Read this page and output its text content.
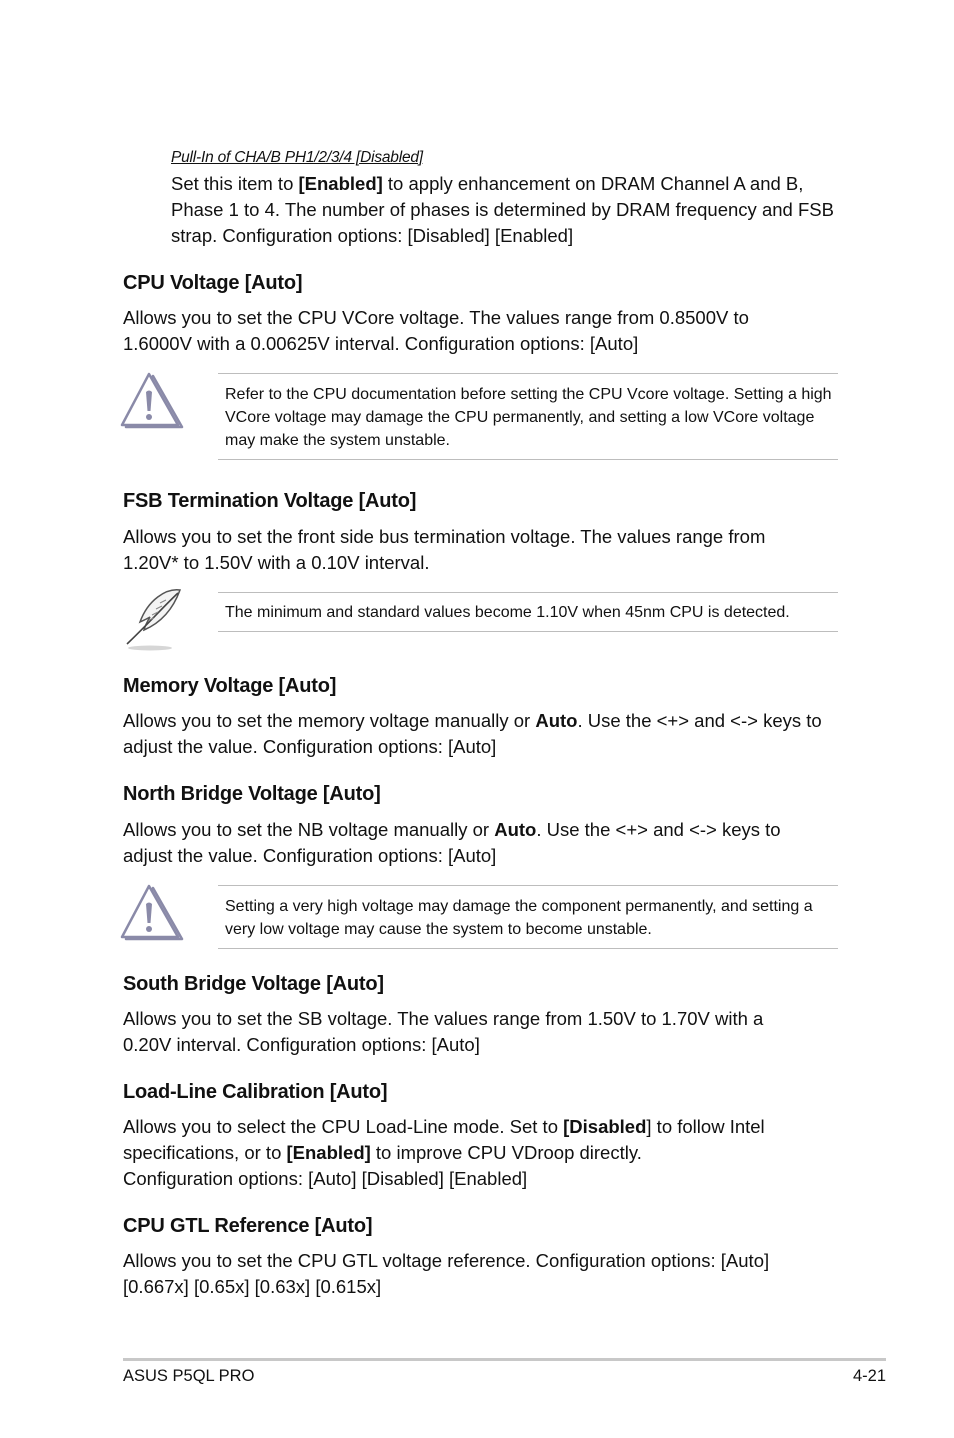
Pull-In of CHA/B PH1/2/3/4 [Disabled]
Set this item to [Enabled] to apply enhancement on DRAM Channel A and B, Phase 1 to 4. The number of phases is determined by DRAM frequency and FSB strap. Configuration options: [Disabled] [Enabled]
CPU Voltage [Auto]
Allows you to set the CPU VCore voltage. The values range from 0.8500V to 1.6000V with a 0.00625V interval. Configuration options: [Auto]
Refer to the CPU documentation before setting the CPU Vcore voltage. Setting a high VCore voltage may damage the CPU permanently, and setting a low VCore voltage may make the system unstable.
FSB Termination Voltage [Auto]
Allows you to set the front side bus termination voltage. The values range from 1.20V* to 1.50V with a 0.10V interval.
The minimum and standard values become 1.10V when 45nm CPU is detected.
Memory Voltage [Auto]
Allows you to set the memory voltage manually or Auto. Use the <+> and <-> keys to adjust the value. Configuration options: [Auto]
North Bridge Voltage [Auto]
Allows you to set the NB voltage manually or Auto. Use the <+> and <-> keys to adjust the value. Configuration options: [Auto]
Setting a very high voltage may damage the component permanently, and setting a very low voltage may cause the system to become unstable.
South Bridge Voltage [Auto]
Allows you to set the SB voltage. The values range from 1.50V to 1.70V with a 0.20V interval. Configuration options: [Auto]
Load-Line Calibration [Auto]
Allows you to select the CPU Load-Line mode. Set to [Disabled] to follow Intel specifications, or to [Enabled] to improve CPU VDroop directly.
Configuration options: [Auto] [Disabled] [Enabled]
CPU GTL Reference [Auto]
Allows you to set the CPU GTL voltage reference. Configuration options: [Auto] [0.667x] [0.65x] [0.63x] [0.615x]
ASUS P5QL PRO	4-21
